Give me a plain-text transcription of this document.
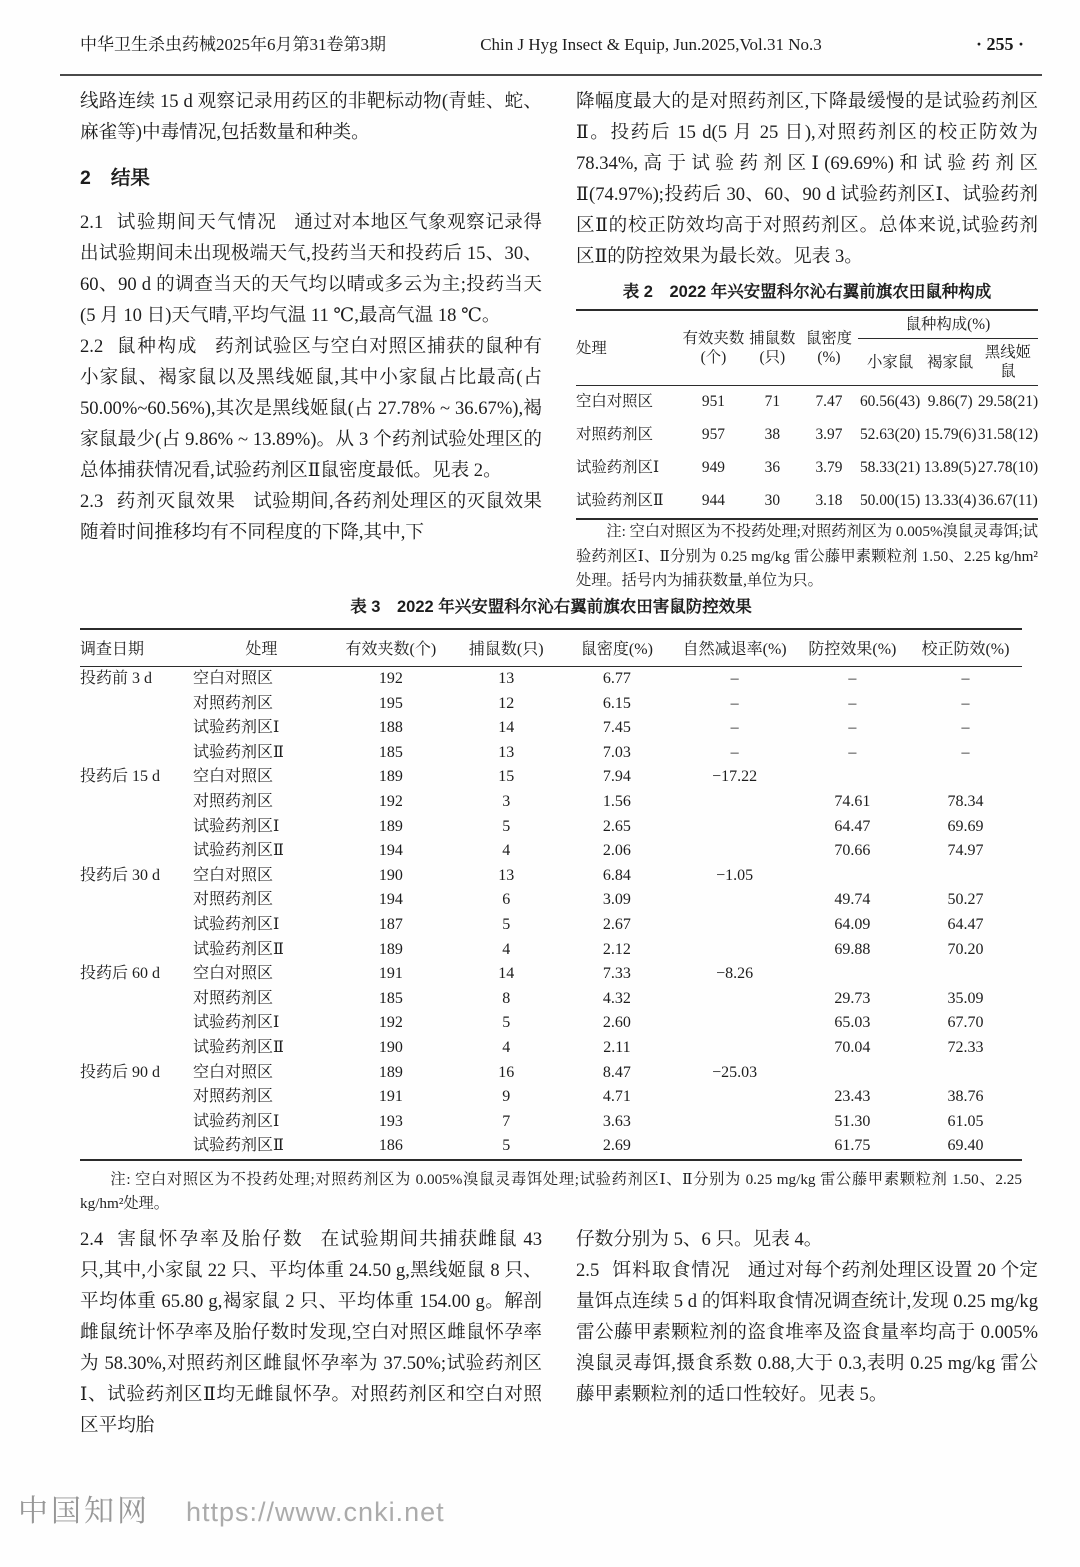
中华卫生杀虫药械2025年6月第31卷第3期	Chin J Hyg Insect & Equip, Jun.2025,Vol.31 No.3	· 255 ·

线路连续 15 d 观察记录用药区的非靶标动物(青蛙、蛇、麻雀等)中毒情况,包括数量和种类。

2 结果

2.1 试验期间天气情况 通过对本地区气象观察记录得出试验期间未出现极端天气,投药当天和投药后 15、30、60、90 d 的调查当天的天气均以晴或多云为主;投药当天(5 月 10 日)天气晴,平均气温 11 ℃,最高气温 18 ℃。

2.2 鼠种构成 药剂试验区与空白对照区捕获的鼠种有小家鼠、褐家鼠以及黑线姬鼠,其中小家鼠占比最高(占 50.00%~60.56%),其次是黑线姬鼠(占 27.78% ~ 36.67%),褐家鼠最少(占 9.86% ~ 13.89%)。从 3 个药剂试验处理区的总体捕获情况看,试验药剂区Ⅱ鼠密度最低。见表 2。

2.3 药剂灭鼠效果 试验期间,各药剂处理区的灭鼠效果随着时间推移均有不同程度的下降,其中,下

降幅度最大的是对照药剂区,下降最缓慢的是试验药剂区Ⅱ。投药后 15 d(5 月 25 日),对照药剂区的校正防效为 78.34%,高于试验药剂区Ⅰ(69.69%)和试验药剂区Ⅱ(74.97%);投药后 30、60、90 d 试验药剂区Ⅰ、试验药剂区Ⅱ的校正防效均高于对照药剂区。总体来说,试验药剂区Ⅱ的防控效果为最长效。见表 3。

表 2　2022 年兴安盟科尔沁右翼前旗农田鼠种构成
处理	有效夹数(个)	捕鼠数(只)	鼠密度(%)	鼠种构成(%)		
				小家鼠	褐家鼠	黑线姬鼠
空白对照区	951	71	7.47	60.56(43)	9.86(7)	29.58(21)
对照药剂区	957	38	3.97	52.63(20)	15.79(6)	31.58(12)
试验药剂区Ⅰ	949	36	3.79	58.33(21)	13.89(5)	27.78(10)
试验药剂区Ⅱ	944	30	3.18	50.00(15)	13.33(4)	36.67(11)

注: 空白对照区为不投药处理;对照药剂区为 0.005%溴鼠灵毒饵;试验药剂区Ⅰ、Ⅱ分别为 0.25 mg/kg 雷公藤甲素颗粒剂 1.50、2.25 kg/hm²处理。括号内为捕获数量,单位为只。

表 3　2022 年兴安盟科尔沁右翼前旗农田害鼠防控效果
调查日期	处理	有效夹数(个)	捕鼠数(只)	鼠密度(%)	自然减退率(%)	防控效果(%)	校正防效(%)
投药前 3 d	空白对照区	192	13	6.77	–	–	–
	对照药剂区	195	12	6.15	–	–	–
	试验药剂区Ⅰ	188	14	7.45	–	–	–
	试验药剂区Ⅱ	185	13	7.03	–	–	–
投药后 15 d	空白对照区	189	15	7.94	−17.22		
	对照药剂区	192	3	1.56		74.61	78.34
	试验药剂区Ⅰ	189	5	2.65		64.47	69.69
	试验药剂区Ⅱ	194	4	2.06		70.66	74.97
投药后 30 d	空白对照区	190	13	6.84	−1.05		
	对照药剂区	194	6	3.09		49.74	50.27
	试验药剂区Ⅰ	187	5	2.67		64.09	64.47
	试验药剂区Ⅱ	189	4	2.12		69.88	70.20
投药后 60 d	空白对照区	191	14	7.33	−8.26		
	对照药剂区	185	8	4.32		29.73	35.09
	试验药剂区Ⅰ	192	5	2.60		65.03	67.70
	试验药剂区Ⅱ	190	4	2.11		70.04	72.33
投药后 90 d	空白对照区	189	16	8.47	−25.03		
	对照药剂区	191	9	4.71		23.43	38.76
	试验药剂区Ⅰ	193	7	3.63		51.30	61.05
	试验药剂区Ⅱ	186	5	2.69		61.75	69.40

注: 空白对照区为不投药处理;对照药剂区为 0.005%溴鼠灵毒饵处理;试验药剂区Ⅰ、Ⅱ分别为 0.25 mg/kg 雷公藤甲素颗粒剂 1.50、2.25 kg/hm²处理。

2.4 害鼠怀孕率及胎仔数 在试验期间共捕获雌鼠 43 只,其中,小家鼠 22 只、平均体重 24.50 g,黑线姬鼠 8 只、平均体重 65.80 g,褐家鼠 2 只、平均体重 154.00 g。解剖雌鼠统计怀孕率及胎仔数时发现,空白对照区雌鼠怀孕率为 58.30%,对照药剂区雌鼠怀孕率为 37.50%;试验药剂区Ⅰ、试验药剂区Ⅱ均无雌鼠怀孕。对照药剂区和空白对照区平均胎

仔数分别为 5、6 只。见表 4。

2.5 饵料取食情况 通过对每个药剂处理区设置 20 个定量饵点连续 5 d 的饵料取食情况调查统计,发现 0.25 mg/kg 雷公藤甲素颗粒剂的盗食堆率及盗食量率均高于 0.005%溴鼠灵毒饵,摄食系数 0.88,大于 0.3,表明 0.25 mg/kg 雷公藤甲素颗粒剂的适口性较好。见表 5。

中国知网 https://www.cnki.net
